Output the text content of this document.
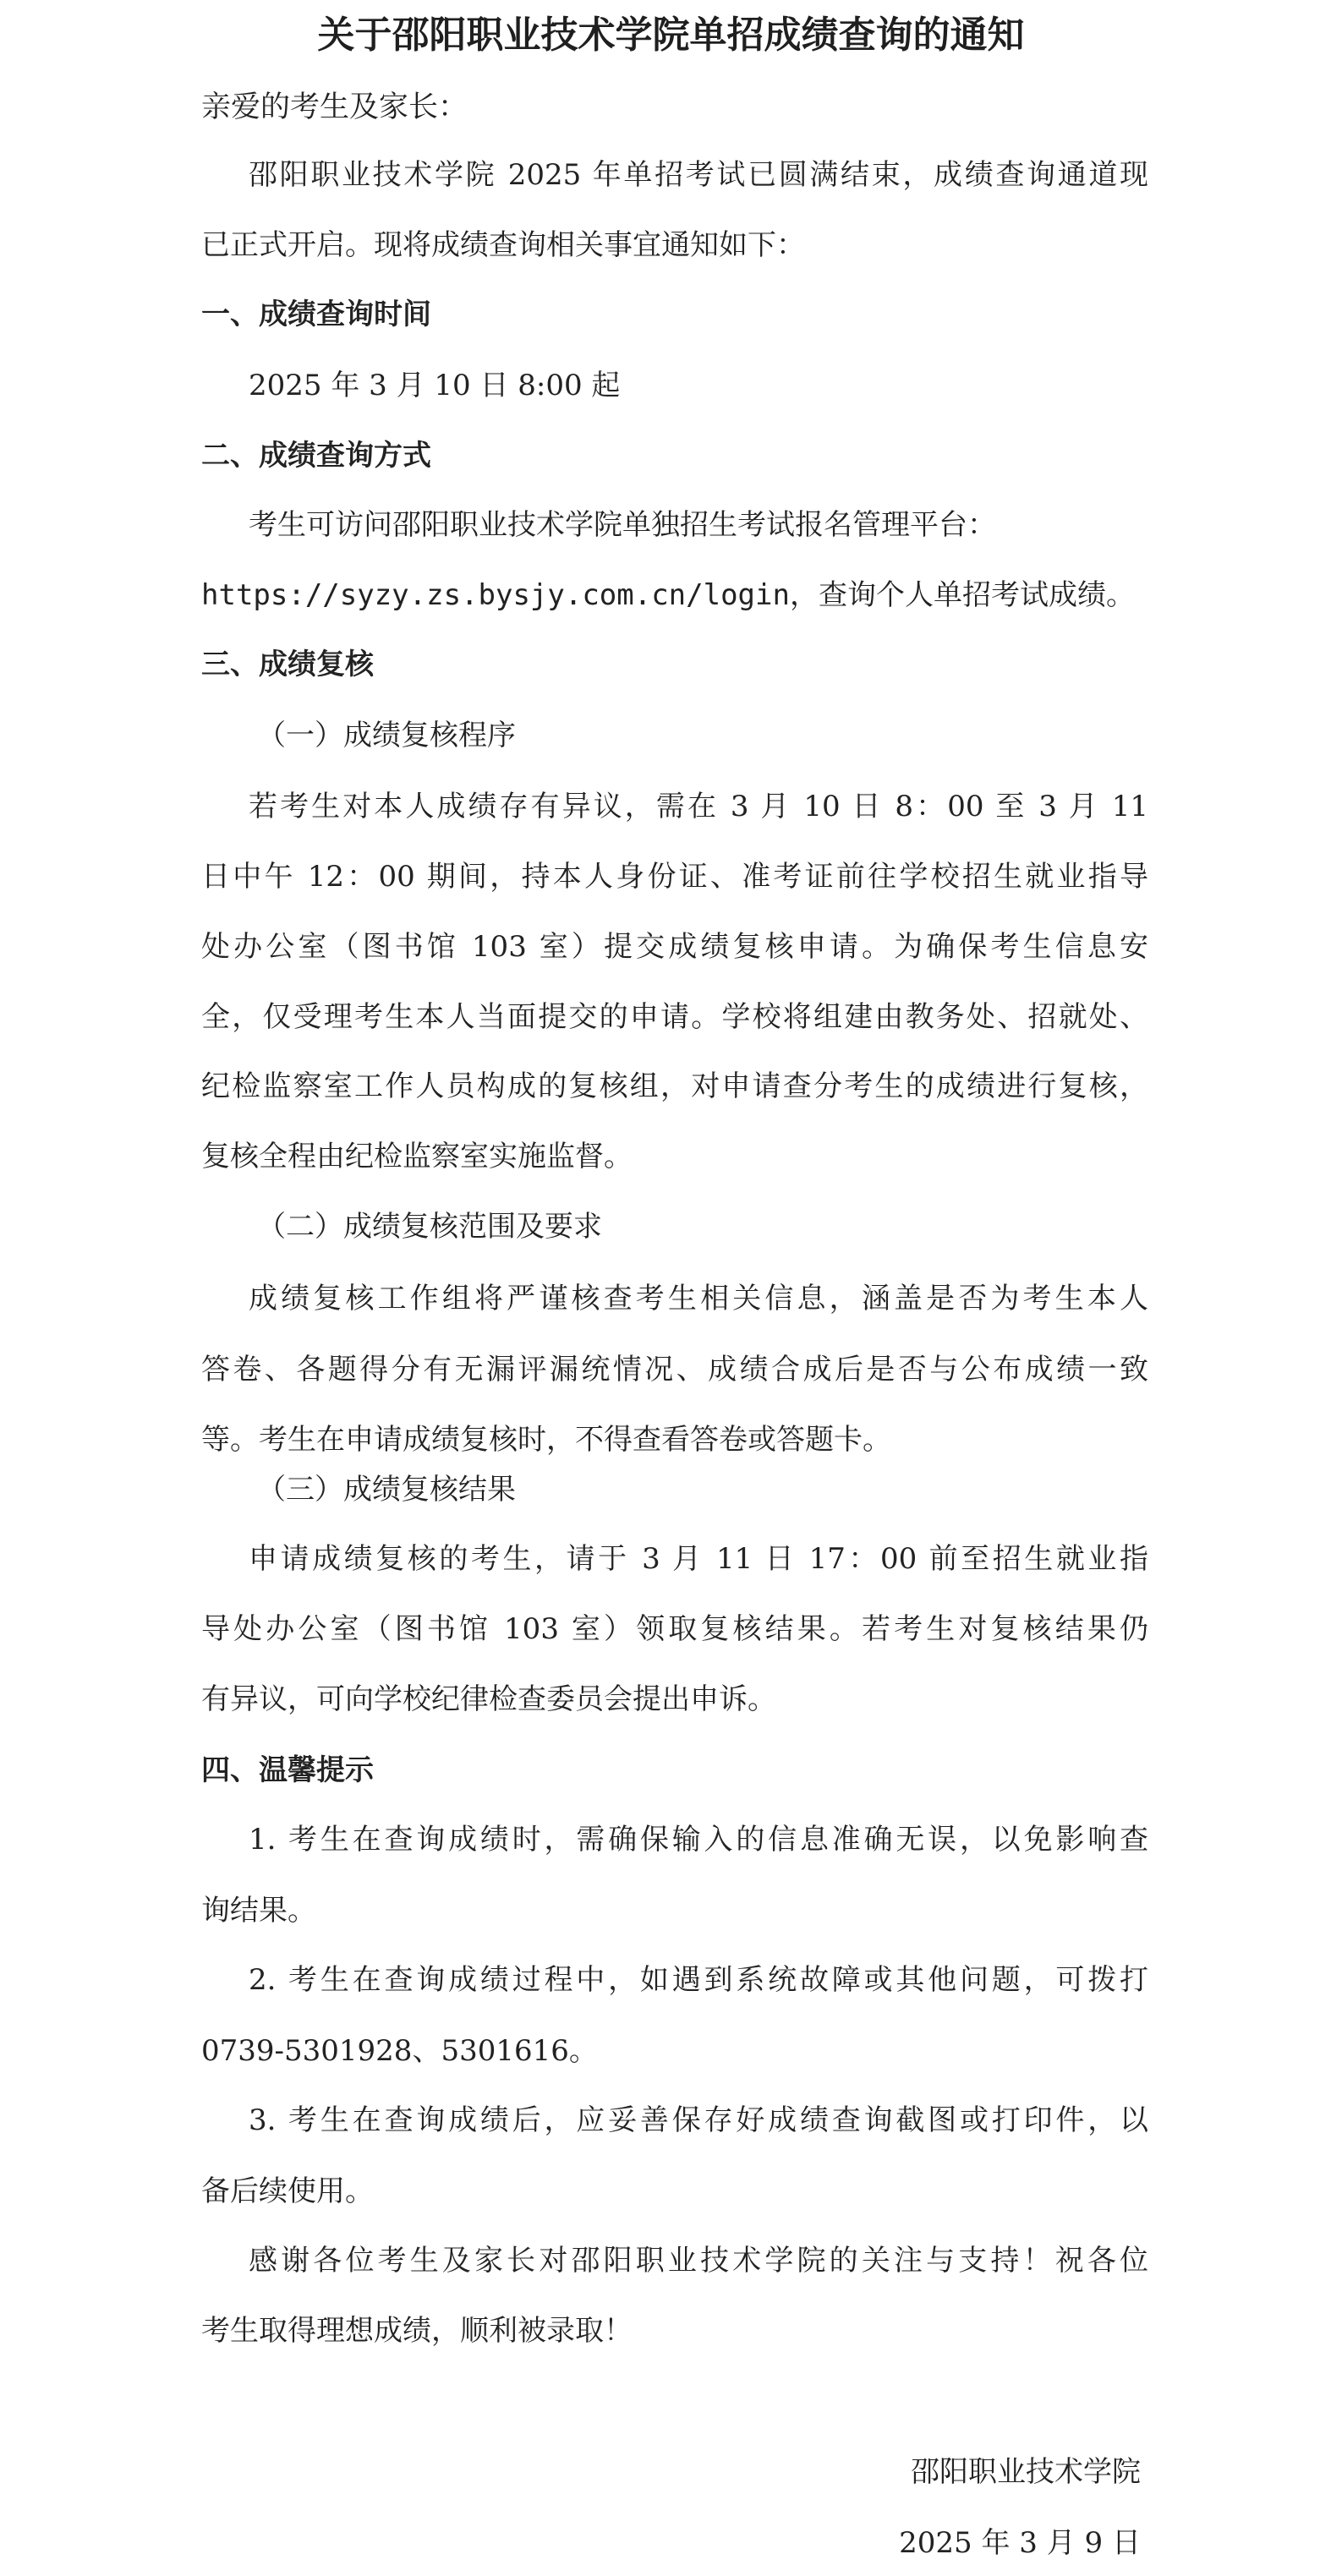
关于邵阳职业技术学院单招成绩查询的通知
亲爱的考生及家长：
邵阳职业技术学院 2025 年单招考试已圆满结束，成绩查询通道现
已正式开启。现将成绩查询相关事宜通知如下：
一、成绩查询时间
2025 年 3 月 10 日 8:00 起
二、成绩查询方式
考生可访问邵阳职业技术学院单独招生考试报名管理平台：
https://syzy.zs.bysjy.com.cn/login，查询个人单招考试成绩。
三、成绩复核
（一）成绩复核程序
若考生对本人成绩存有异议，需在 3 月 10 日 8：00 至 3 月 11
日中午 12：00 期间，持本人身份证、准考证前往学校招生就业指导
处办公室（图书馆 103 室）提交成绩复核申请。为确保考生信息安
全，仅受理考生本人当面提交的申请。学校将组建由教务处、招就处、
纪检监察室工作人员构成的复核组，对申请查分考生的成绩进行复核，
复核全程由纪检监察室实施监督。
（二）成绩复核范围及要求
成绩复核工作组将严谨核查考生相关信息，涵盖是否为考生本人
答卷、各题得分有无漏评漏统情况、成绩合成后是否与公布成绩一致
等。考生在申请成绩复核时，不得查看答卷或答题卡。
（三）成绩复核结果
申请成绩复核的考生，请于 3 月 11 日 17：00 前至招生就业指
导处办公室（图书馆 103 室）领取复核结果。若考生对复核结果仍
有异议，可向学校纪律检查委员会提出申诉。
四、温馨提示
1. 考生在查询成绩时，需确保输入的信息准确无误，以免影响查
询结果。
2. 考生在查询成绩过程中，如遇到系统故障或其他问题，可拨打
0739-5301928、5301616。
3. 考生在查询成绩后，应妥善保存好成绩查询截图或打印件，以
备后续使用。
感谢各位考生及家长对邵阳职业技术学院的关注与支持！祝各位
考生取得理想成绩，顺利被录取！
邵阳职业技术学院
2025 年 3 月 9 日
